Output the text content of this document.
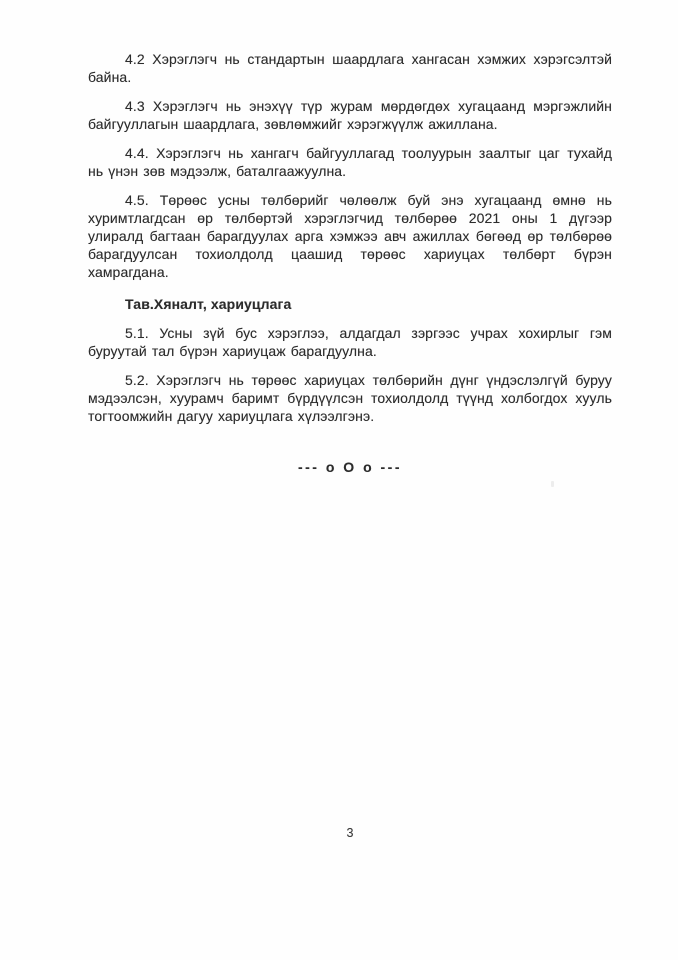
4.2 Хэрэглэгч нь стандартын шаардлага хангасан хэмжих хэрэгсэлтэй байна.

4.3 Хэрэглэгч нь энэхүү түр журам мөрдөгдөх хугацаанд мэргэжлийн байгууллагын шаардлага, зөвлөмжийг хэрэгжүүлж ажиллана.

4.4. Хэрэглэгч нь хангагч байгууллагад тоолуурын заалтыг цаг тухайд нь үнэн зөв мэдээлж, баталгаажуулна.

4.5. Төрөөс усны төлбөрийг чөлөөлж буй энэ хугацаанд өмнө нь хуримтлагдсан өр төлбөртэй хэрэглэгчид төлбөрөө 2021 оны 1 дүгээр улиралд багтаан барагдуулах арга хэмжээ авч ажиллах бөгөөд өр төлбөрөө барагдуулсан тохиолдолд цаашид төрөөс хариуцах төлбөрт бүрэн хамрагдана.

Тав.Хяналт, хариуцлага

5.1. Усны зүй бус хэрэглээ, алдагдал зэргээс учрах хохирлыг гэм буруутай тал бүрэн хариуцаж барагдуулна.

5.2. Хэрэглэгч нь төрөөс хариуцах төлбөрийн дүнг үндэслэлгүй буруу мэдээлсэн, хуурамч баримт бүрдүүлсэн тохиолдолд түүнд холбогдох хууль тогтоомжийн дагуу хариуцлага хүлээлгэнэ.

--- о О о ---
3
